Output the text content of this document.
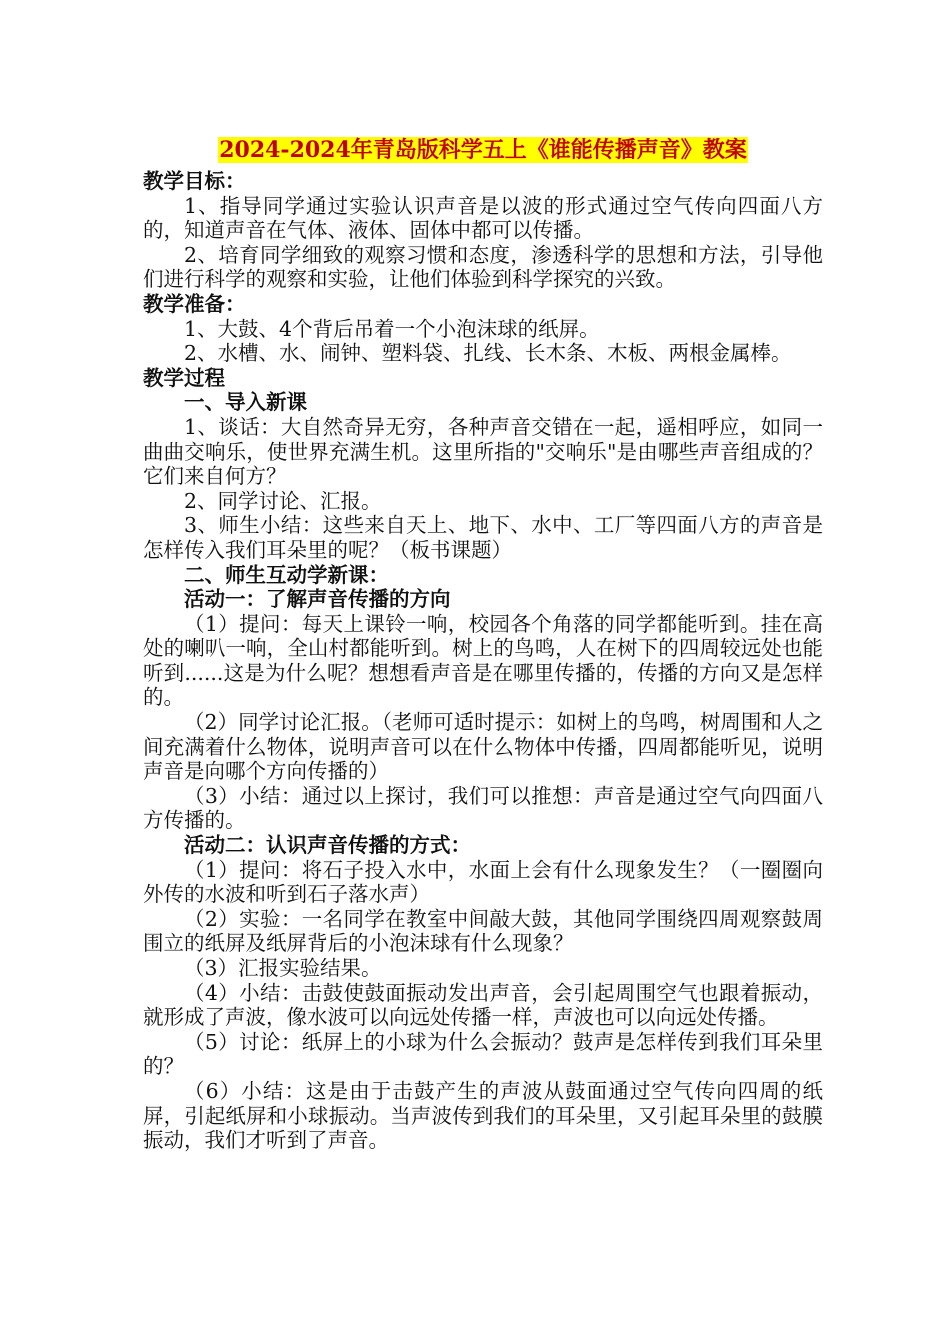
2024-2024年青岛版科学五上《谁能传播声音》教案

教学目标：

1、指导同学通过实验认识声音是以波的形式通过空气传向四面八方的，知道声音在气体、液体、固体中都可以传播。

2、培育同学细致的观察习惯和态度，渗透科学的思想和方法，引导他们进行科学的观察和实验，让他们体验到科学探究的兴致。

教学准备：

1、大鼓、4个背后吊着一个小泡沫球的纸屏。

2、水槽、水、闹钟、塑料袋、扎线、长木条、木板、两根金属棒。

教学过程

一、导入新课

1、谈话：大自然奇异无穷，各种声音交错在一起，遥相呼应，如同一曲曲交响乐，使世界充满生机。这里所指的"交响乐"是由哪些声音组成的？它们来自何方？

2、同学讨论、汇报。

3、师生小结：这些来自天上、地下、水中、工厂等四面八方的声音是怎样传入我们耳朵里的呢？（板书课题）

二、师生互动学新课：

活动一：了解声音传播的方向

（1）提问：每天上课铃一响，校园各个角落的同学都能听到。挂在高处的喇叭一响，全山村都能听到。树上的鸟鸣，人在树下的四周较远处也能听到......这是为什么呢？想想看声音是在哪里传播的，传播的方向又是怎样的。

（2）同学讨论汇报。（老师可适时提示：如树上的鸟鸣，树周围和人之间充满着什么物体，说明声音可以在什么物体中传播，四周都能听见，说明声音是向哪个方向传播的）

（3）小结：通过以上探讨，我们可以推想：声音是通过空气向四面八方传播的。

活动二：认识声音传播的方式：

（1）提问：将石子投入水中，水面上会有什么现象发生？（一圈圈向外传的水波和听到石子落水声）

（2）实验：一名同学在教室中间敲大鼓，其他同学围绕四周观察鼓周围立的纸屏及纸屏背后的小泡沫球有什么现象？

（3）汇报实验结果。

（4）小结：击鼓使鼓面振动发出声音，会引起周围空气也跟着振动，就形成了声波，像水波可以向远处传播一样，声波也可以向远处传播。

（5）讨论：纸屏上的小球为什么会振动？鼓声是怎样传到我们耳朵里的？

（6）小结：这是由于击鼓产生的声波从鼓面通过空气传向四周的纸屏，引起纸屏和小球振动。当声波传到我们的耳朵里，又引起耳朵里的鼓膜振动，我们才听到了声音。
